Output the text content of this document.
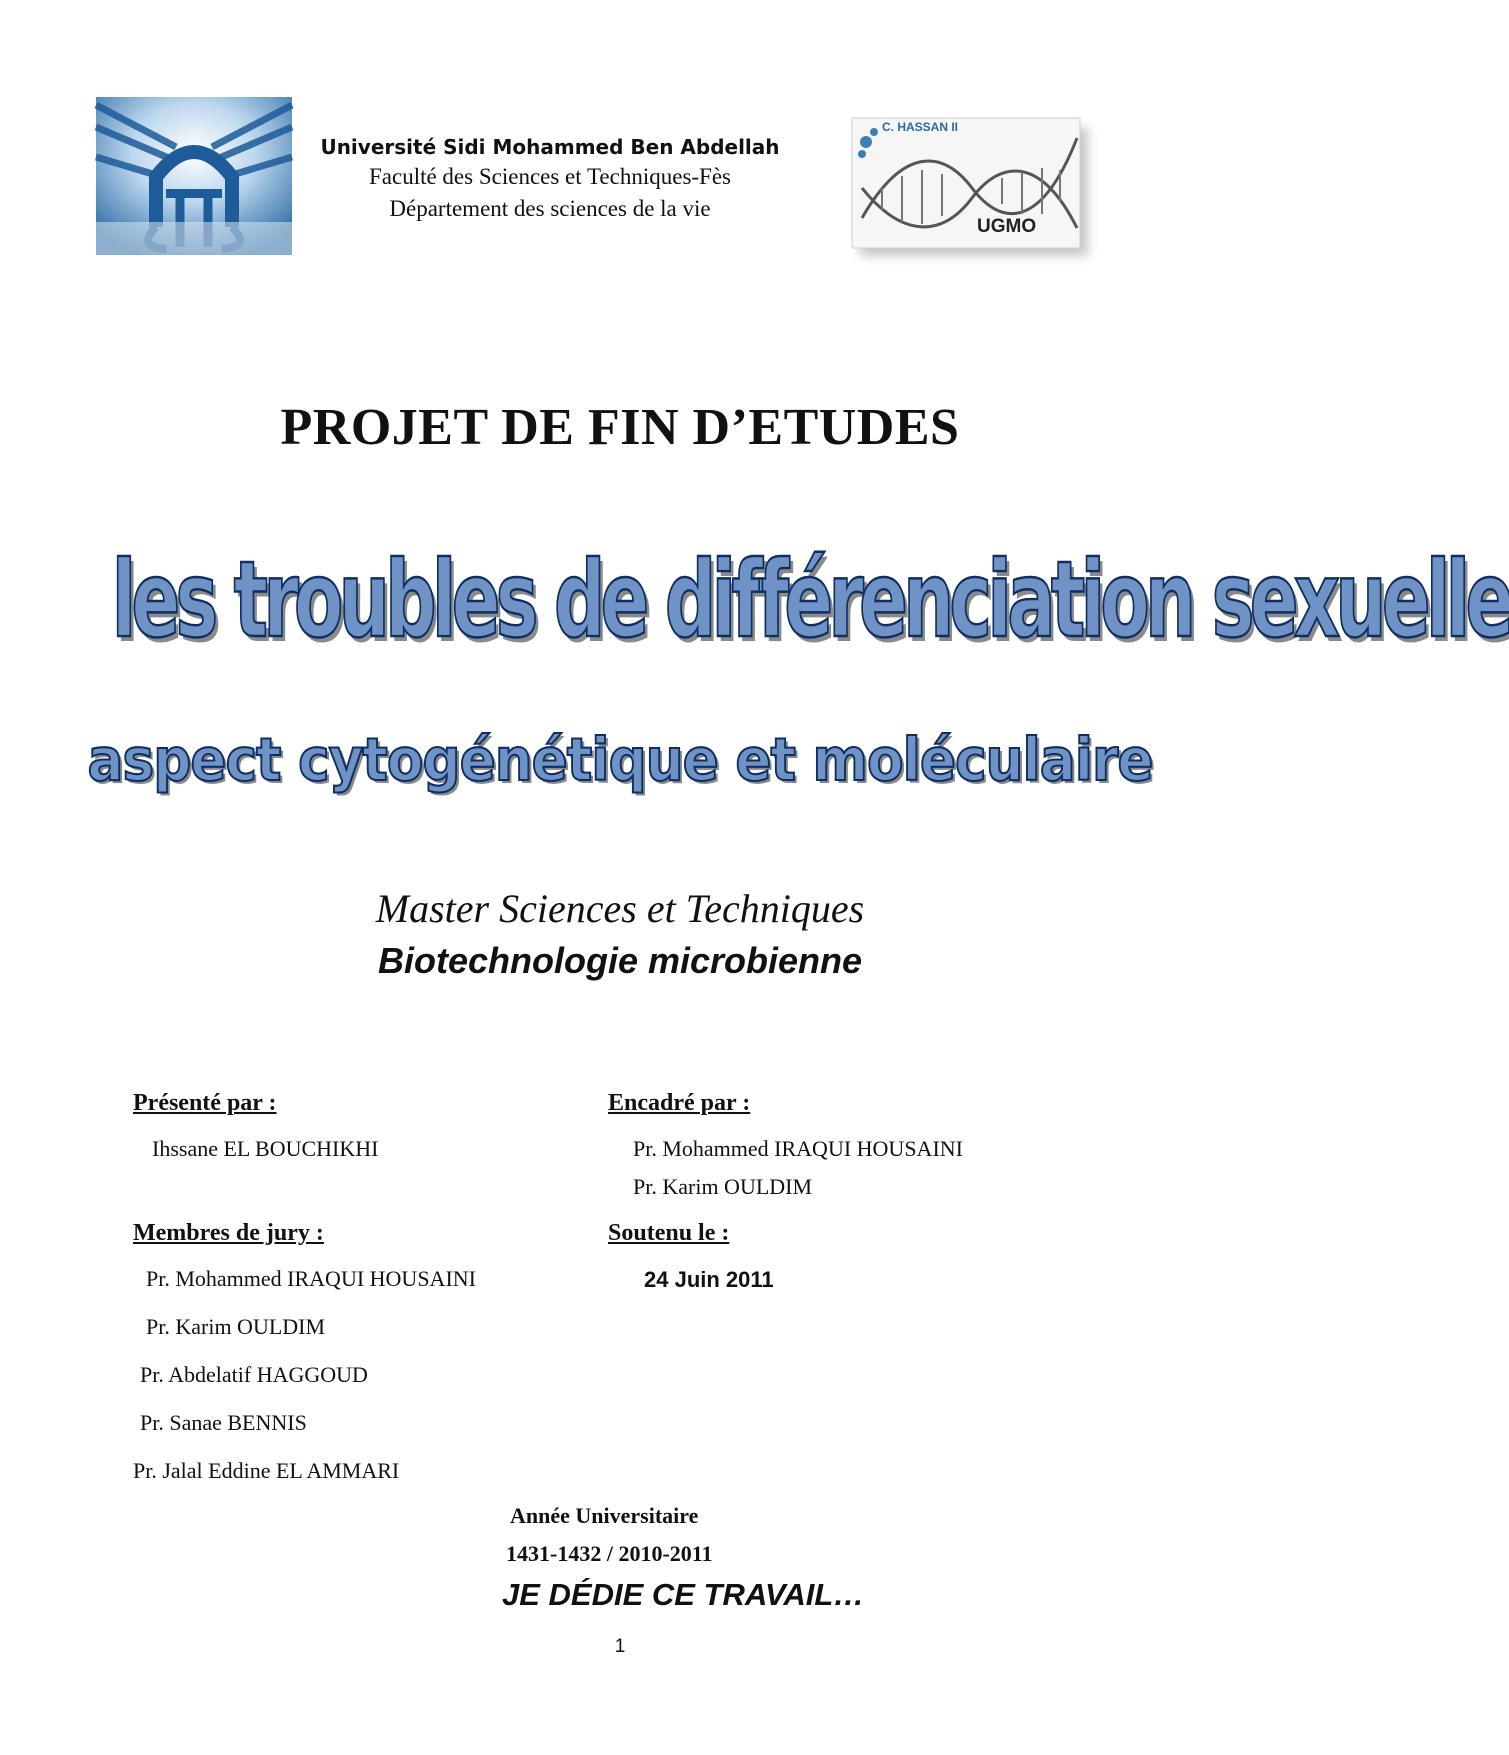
Université Sidi Mohammed Ben Abdellah
Faculté des Sciences et Techniques-Fès
Département des sciences de la vie
C. HASSAN II
UGMO
PROJET DE FIN D’ETUDES
les troubles de différenciation sexuelle
aspect cytogénétique et moléculaire
Master Sciences et Techniques
Biotechnologie microbienne
Présenté par :
Ihssane EL BOUCHIKHI
Encadré par :
Pr. Mohammed IRAQUI HOUSAINI
Pr. Karim OULDIM
Membres de jury :
Pr. Mohammed IRAQUI HOUSAINI
Pr. Karim OULDIM
Pr. Abdelatif HAGGOUD
Pr. Sanae BENNIS
Pr. Jalal Eddine EL AMMARI
Soutenu le :
24 Juin 2011
Année Universitaire
1431-1432 / 2010-2011
JE DÉDIE CE TRAVAIL…
1
